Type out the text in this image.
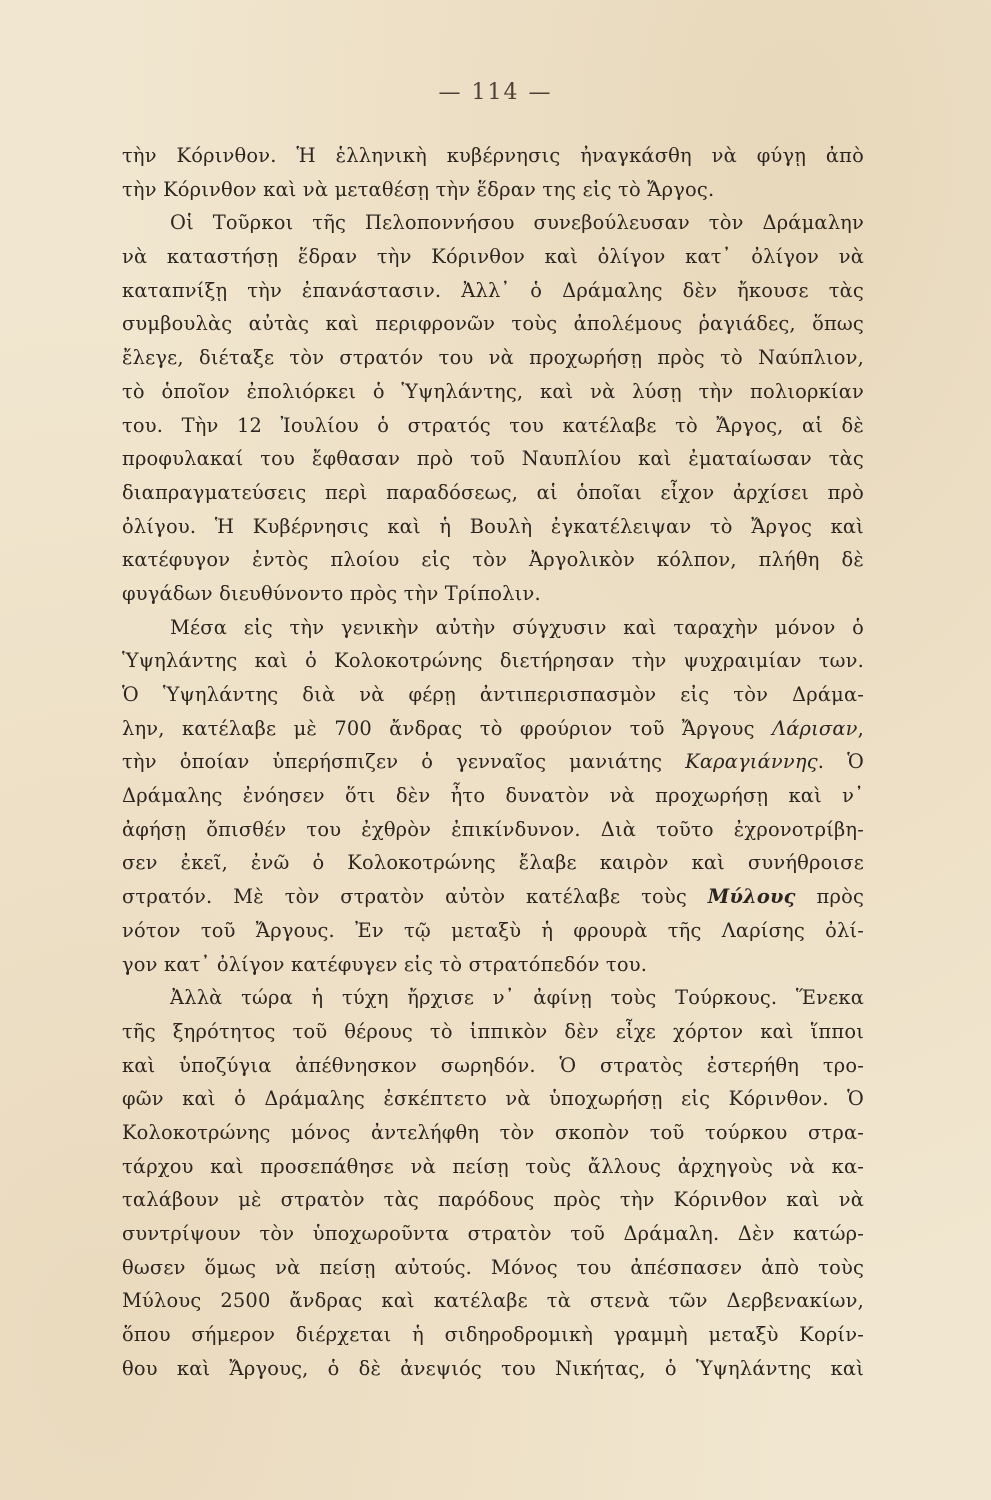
— 114 —
τὴν Κόρινθον. Ἡ ἑλληνικὴ κυβέρνησις ἠναγκάσθη νὰ φύγῃ ἀπὸ
τὴν Κόρινθον καὶ νὰ μεταθέσῃ τὴν ἕδραν της εἰς τὸ Ἄργος.
Οἱ Τοῦρκοι τῆς Πελοποννήσου συνεβούλευσαν τὸν Δράμαλην
νὰ καταστήσῃ ἕδραν τὴν Κόρινθον καὶ ὀλίγον κατ᾽ ὀλίγον νὰ
καταπνίξῃ τὴν ἐπανάστασιν. Ἀλλ᾽ ὁ Δράμαλης δὲν ἤκουσε τὰς
συμβουλὰς αὐτὰς καὶ περιφρονῶν τοὺς ἀπολέμους ῥαγιάδες, ὅπως
ἔλεγε, διέταξε τὸν στρατόν του νὰ προχωρήσῃ πρὸς τὸ Ναύπλιον,
τὸ ὁποῖον ἐπολιόρκει ὁ Ὑψηλάντης, καὶ νὰ λύσῃ τὴν πολιορκίαν
του. Τὴν 12 Ἰουλίου ὁ στρατός του κατέλαβε τὸ Ἄργος, αἱ δὲ
προφυλακαί του ἔφθασαν πρὸ τοῦ Ναυπλίου καὶ ἐματαίωσαν τὰς
διαπραγματεύσεις περὶ παραδόσεως, αἱ ὁποῖαι εἶχον ἀρχίσει πρὸ
ὀλίγου. Ἡ Κυβέρνησις καὶ ἡ Βουλὴ ἐγκατέλειψαν τὸ Ἄργος καὶ
κατέφυγον ἐντὸς πλοίου εἰς τὸν Ἀργολικὸν κόλπον, πλήθη δὲ
φυγάδων διευθύνοντο πρὸς τὴν Τρίπολιν.
Μέσα εἰς τὴν γενικὴν αὐτὴν σύγχυσιν καὶ ταραχὴν μόνον ὁ
Ὑψηλάντης καὶ ὁ Κολοκοτρώνης διετήρησαν τὴν ψυχραιμίαν των.
Ὁ Ὑψηλάντης διὰ νὰ φέρῃ ἀντιπερισπασμὸν εἰς τὸν Δράμα-
λην, κατέλαβε μὲ 700 ἄνδρας τὸ φρούριον τοῦ Ἄργους Λάρισαν,
τὴν ὁποίαν ὑπερήσπιζεν ὁ γενναῖος μανιάτης Καραγιάννης. Ὁ
Δράμαλης ἐνόησεν ὅτι δὲν ἦτο δυνατὸν νὰ προχωρήσῃ καὶ ν᾽
ἀφήσῃ ὄπισθέν του ἐχθρὸν ἐπικίνδυνον. Διὰ τοῦτο ἐχρονοτρίβη-
σεν ἐκεῖ, ἐνῶ ὁ Κολοκοτρώνης ἔλαβε καιρὸν καὶ συνήθροισε
στρατόν. Μὲ τὸν στρατὸν αὐτὸν κατέλαβε τοὺς Μύλους πρὸς
νότον τοῦ Ἄργους. Ἐν τῷ μεταξὺ ἡ φρουρὰ τῆς Λαρίσης ὀλί-
γον κατ᾽ ὀλίγον κατέφυγεν εἰς τὸ στρατόπεδόν του.
Ἀλλὰ τώρα ἡ τύχη ἤρχισε ν᾽ ἀφίνῃ τοὺς Τούρκους. Ἕνεκα
τῆς ξηρότητος τοῦ θέρους τὸ ἱππικὸν δὲν εἶχε χόρτον καὶ ἵπποι
καὶ ὑποζύγια ἀπέθνησκον σωρηδόν. Ὁ στρατὸς ἐστερήθη τρο-
φῶν καὶ ὁ Δράμαλης ἐσκέπτετο νὰ ὑποχωρήσῃ εἰς Κόρινθον. Ὁ
Κολοκοτρώνης μόνος ἀντελήφθη τὸν σκοπὸν τοῦ τούρκου στρα-
τάρχου καὶ προσεπάθησε νὰ πείσῃ τοὺς ἄλλους ἀρχηγοὺς νὰ κα-
ταλάβουν μὲ στρατὸν τὰς παρόδους πρὸς τὴν Κόρινθον καὶ νὰ
συντρίψουν τὸν ὑποχωροῦντα στρατὸν τοῦ Δράμαλη. Δὲν κατώρ-
θωσεν ὅμως νὰ πείσῃ αὐτούς. Μόνος του ἀπέσπασεν ἀπὸ τοὺς
Μύλους 2500 ἄνδρας καὶ κατέλαβε τὰ στενὰ τῶν Δερβενακίων,
ὅπου σήμερον διέρχεται ἡ σιδηροδρομικὴ γραμμὴ μεταξὺ Κορίν-
θου καὶ Ἄργους, ὁ δὲ ἀνεψιός του Νικήτας, ὁ Ὑψηλάντης καὶ
